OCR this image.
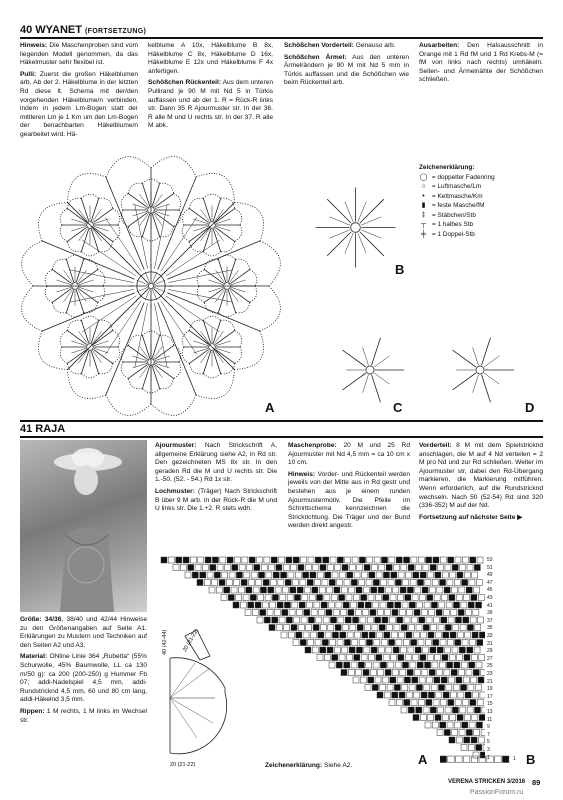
40 WYANET (FORTSETZUNG)

Hinweis: Die Maschenproben sind vom liegenden Modell genommen, da das Häkelmuster sehr flexibel ist.

Pulli: Zuerst die großen Häkelblumen arb. Ab der 2. Häkelblume in der letzten Rd diese lt. Schema mit der/den vorgehenden Häkelblume/n verbinden, indem in jedem Lm-Bogen statt der mittleren Lm je 1 Km um den Lm-Bogen der benachbarten Häkelblume/n gearbeitet wird. Hä-

kelblume A 10x, Häkelblume B 8x, Häkelblume C 8x, Häkelblume D 16x, Häkelblume E 12x und Häkelblume F 4x anfertigen.

Schößchen Rückenteil: Aus dem unteren Pullirand je 90 M mit Nd 5 in Türkis auffassen und ab der 1. R = Rück-R links str. Dann 35 R Ajourmuster str. In der 36. R alle M und U rechts str. In der 37. R alle M abk.

Schößchen Vorderteil: Genauso arb.

Schößchen Ärmel: Aus den unteren Ärmelrändern je 90 M mit Nd 5 mm in Türkis auffassen und die Schößchen wie beim Rückenteil arb.

Ausarbeiten: Den Halsausschnitt in Orange mit 1 Rd fM und 1 Rd Krebs-M (= fM von links nach rechts) umhäkeln. Seiten- und Ärmelnähte der Schößchen schließen.

Zeichenerklärung:
◯ = doppelter Fadenring
○ = Luftmasche/Lm
•	= Kettmasche/Km
▮	= feste Masche/fM
‡	= Stäbchen/Stb
┬ = 1 halbes Stb
╪ = 1 Doppel-Stb
A
B
C	D
41 RAJA

Größe: 34/36, 38/40 und 42/44 Hinweise zu den Größenangaben auf Seite A1. Erklärungen zu Mustern und Techniken auf den Seiten A2 und A3.

Material: ONline Linie 364 „Rubetta“ (55% Schurwolle, 45% Baumwolle, LL ca 130 m/50 g): ca 200 (200-250) g Hummer Fb 07; addi-Nadelspiel 4,5 mm, addi-Rundstricknd 4,5 mm, 60 und 80 cm lang, addi-Häkelnd 3,5 mm.

Rippen: 1 M rechts, 1 M links im Wechsel str.

Ajourmuster: Nach Strickschrift A, allgemeine Erklärung siehe A2, in Rd str. Den gezeichneten MS 8x str. In den geraden Rd die M und U rechts str. Die 1.-50. (52. - 54.) Rd 1x str.

Lochmuster: (Träger) Nach Strickschrift B über 9 M arb. In der Rück-R die M und U links str. Die 1.+2. R stets wdh.

Maschenprobe: 20 M und 25 Rd Ajourmuster mit Nd 4,5 mm = ca 10 cm x 10 cm.

Hinweis: Vorder- und Rückenteil werden jeweils von der Mitte aus in Rd gestr und bestehen aus je einem runden Ajourmustermotiv. Die Pfeile im Schnittschema kennzeichnen die Strickrichtung. Die Träger und der Bund werden direkt angestr.

Vorderteil: 8 M mit dem Spielstricknd anschlagen, die M auf 4 Nd verteilen = 2 M pro Nd und zur Rd schließen. Weiter im Ajourmuster str, dabei den Rd-Übergang markieren, die Markierung mitführen. Wenn erforderlich, auf die Rundstricknd wechseln. Nach 50 (52-54) Rd sind 320 (336-352) M auf der Nd.

Fortsetzung auf nächster Seite ▶

53
51
49
47
45
43
41
39
37
35
33
31
29
27
25
23
21
19
17
15
13
11
9
7
5
3
1
40 (42-44)	20 (21-22)
20 (21-22)	Zeichenerklärung: Siehe A2.	A	1 B
VERENA STRICKEN 3/2016 89
PassionForum.ru
